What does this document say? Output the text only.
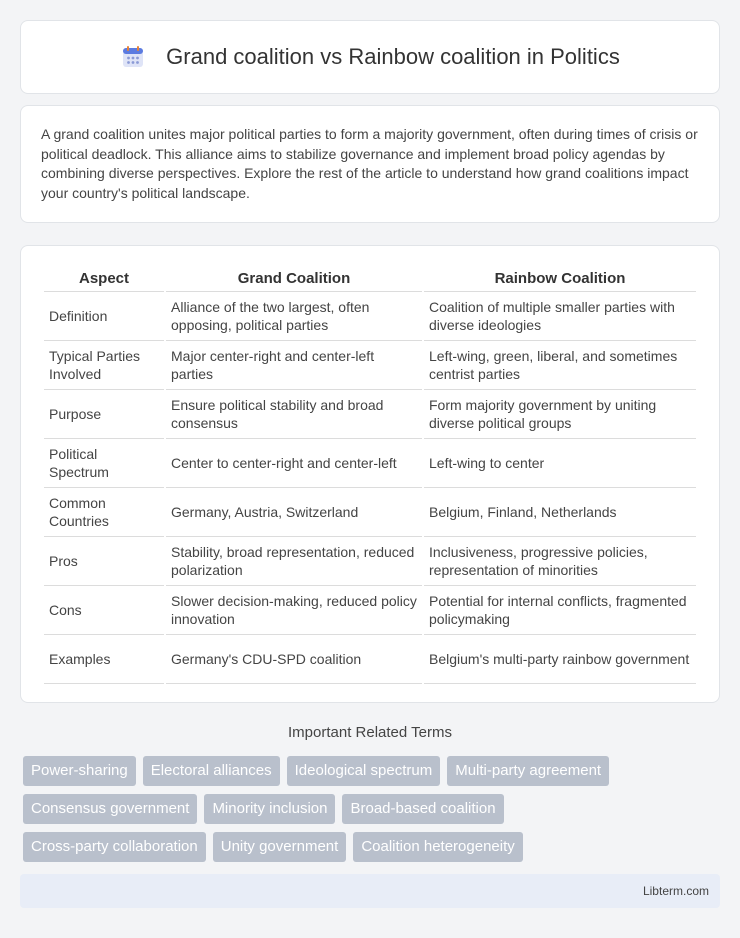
Grand coalition vs Rainbow coalition in Politics

A grand coalition unites major political parties to form a majority government, often during times of crisis or political deadlock. This alliance aims to stabilize governance and implement broad policy agendas by combining diverse perspectives. Explore the rest of the article to understand how grand coalitions impact your country's political landscape.

Aspect	Grand Coalition	Rainbow Coalition
Definition	Alliance of the two largest, often opposing, political parties	Coalition of multiple smaller parties with diverse ideologies
Typical Parties Involved	Major center-right and center-left parties	Left-wing, green, liberal, and sometimes centrist parties
Purpose	Ensure political stability and broad consensus	Form majority government by uniting diverse political groups
Political Spectrum	Center to center-right and center-left	Left-wing to center
Common Countries	Germany, Austria, Switzerland	Belgium, Finland, Netherlands
Pros	Stability, broad representation, reduced polarization	Inclusiveness, progressive policies, representation of minorities
Cons	Slower decision-making, reduced policy innovation	Potential for internal conflicts, fragmented policymaking
Examples	Germany's CDU-SPD coalition	Belgium's multi-party rainbow government
Important Related Terms
Power-sharing	Electoral alliances	Ideological spectrum	Multi-party agreement
Consensus government	Minority inclusion	Broad-based coalition
Cross-party collaboration	Unity government	Coalition heterogeneity
Libterm.com
